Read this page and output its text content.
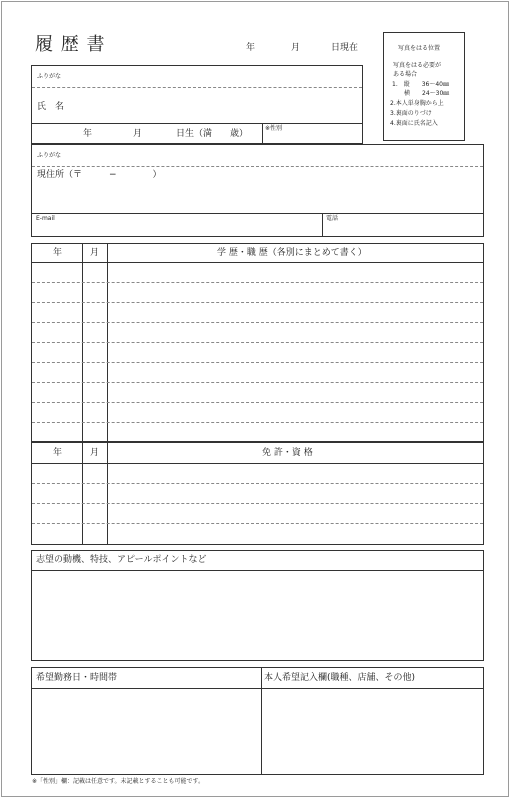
履 歴 書	年	月	日現在	写真をはる位置
写真をはる必要が
ある場合
1.　縦　　36〜40㎜
　　横　　24〜30㎜
2.本人単身胸から上
3.裏面のりづけ
4.裏面に氏名記入
ふりがな
氏　名
年	月	日生（満　　歳）
※性別
ふりがな
現住所（〒　　　−　　　　）
E-mail	電話
年	月	学 歴・職 歴（各別にまとめて書く）
年	月	免 許・資 格
志望の動機、特技、アピールポイントなど
希望勤務日・時間帯	本人希望記入欄(職種、店舗、その他)
※「性別」欄：記載は任意です。未記載とすることも可能です。
